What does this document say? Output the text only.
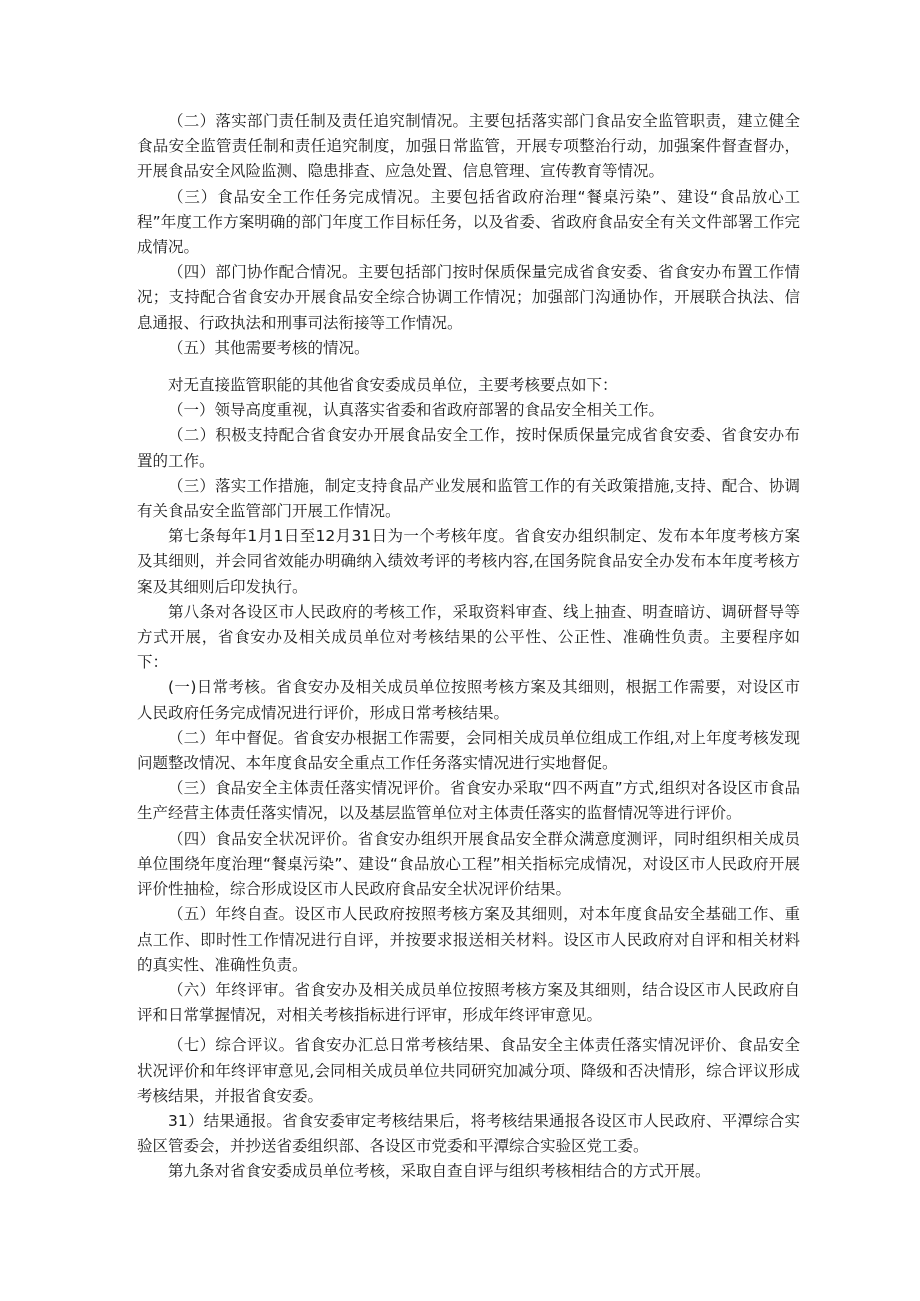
（二）落实部门责任制及责任追究制情况。主要包括落实部门食品安全监管职责，建立健全食品安全监管责任制和责任追究制度，加强日常监管，开展专项整治行动，加强案件督查督办，开展食品安全风险监测、隐患排查、应急处置、信息管理、宣传教育等情况。

（三）食品安全工作任务完成情况。主要包括省政府治理“餐桌污染”、建设“食品放心工程”年度工作方案明确的部门年度工作目标任务，以及省委、省政府食品安全有关文件部署工作完成情况。

（四）部门协作配合情况。主要包括部门按时保质保量完成省食安委、省食安办布置工作情况；支持配合省食安办开展食品安全综合协调工作情况；加强部门沟通协作，开展联合执法、信息通报、行政执法和刑事司法衔接等工作情况。

（五）其他需要考核的情况。

对无直接监管职能的其他省食安委成员单位，主要考核要点如下：

（一）领导高度重视，认真落实省委和省政府部署的食品安全相关工作。

（二）积极支持配合省食安办开展食品安全工作，按时保质保量完成省食安委、省食安办布置的工作。

（三）落实工作措施，制定支持食品产业发展和监管工作的有关政策措施,支持、配合、协调有关食品安全监管部门开展工作情况。

第七条每年1月1日至12月31日为一个考核年度。省食安办组织制定、发布本年度考核方案及其细则，并会同省效能办明确纳入绩效考评的考核内容,在国务院食品安全办发布本年度考核方案及其细则后印发执行。

第八条对各设区市人民政府的考核工作，采取资料审查、线上抽查、明查暗访、调研督导等方式开展，省食安办及相关成员单位对考核结果的公平性、公正性、准确性负责。主要程序如下：

(一)日常考核。省食安办及相关成员单位按照考核方案及其细则，根据工作需要，对设区市人民政府任务完成情况进行评价，形成日常考核结果。

（二）年中督促。省食安办根据工作需要，会同相关成员单位组成工作组,对上年度考核发现问题整改情况、本年度食品安全重点工作任务落实情况进行实地督促。

（三）食品安全主体责任落实情况评价。省食安办采取“四不两直”方式,组织对各设区市食品生产经营主体责任落实情况，以及基层监管单位对主体责任落实的监督情况等进行评价。

（四）食品安全状况评价。省食安办组织开展食品安全群众满意度测评，同时组织相关成员单位围绕年度治理“餐桌污染”、建设“食品放心工程”相关指标完成情况，对设区市人民政府开展评价性抽检，综合形成设区市人民政府食品安全状况评价结果。

（五）年终自查。设区市人民政府按照考核方案及其细则，对本年度食品安全基础工作、重点工作、即时性工作情况进行自评，并按要求报送相关材料。设区市人民政府对自评和相关材料的真实性、准确性负责。

（六）年终评审。省食安办及相关成员单位按照考核方案及其细则，结合设区市人民政府自评和日常掌握情况，对相关考核指标进行评审，形成年终评审意见。

（七）综合评议。省食安办汇总日常考核结果、食品安全主体责任落实情况评价、食品安全状况评价和年终评审意见,会同相关成员单位共同研究加减分项、降级和否决情形，综合评议形成考核结果，并报省食安委。

31）结果通报。省食安委审定考核结果后，将考核结果通报各设区市人民政府、平潭综合实验区管委会，并抄送省委组织部、各设区市党委和平潭综合实验区党工委。

第九条对省食安委成员单位考核，采取自查自评与组织考核相结合的方式开展。
